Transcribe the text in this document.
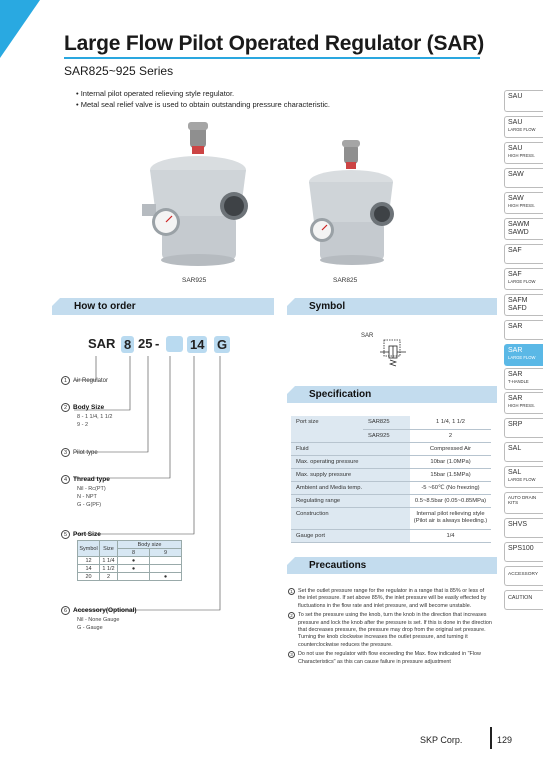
Large Flow Pilot Operated Regulator (SAR)
SAR825~925 Series
• Internal pilot operated relieving style regulator.
• Metal seal relief valve is used to obtain outstanding pressure characteristic.
SAR925	SAR825
How to order	Symbol
Specification
Precautions
SAR
SAR 8 25 - 14 G
1 Air Regulator
2 Body Size
8 - 1 1/4, 1 1/2
9 - 2
3 Pilot type
4 Thread type
Nil - Rc(PT)
N - NPT
G - G(PF)
5 Port Size
Symbol	Size	Body size	
		8	9
12	1 1/4	●	
14	1 1/2	●	
20	2		●
6 Accessory(Optional)
Nil - None Gauge
G - Gauge
Port size	SAR825	1 1/4, 1 1/2
	SAR925	2
Fluid		Compressed Air
Max. operating pressure		10bar (1.0MPa)
Max. supply pressure		15bar (1.5MPa)
Ambient and Media temp.		-5 ~60℃ (No freezing)
Regulating range		0.5~8.5bar (0.05~0.85MPa)
Construction		Internal pilot relieving style
(Pilot air is always bleeding.)
Gauge port		1/4

1 Set the outlet pressure range for the regulator in a range that is 85% or less of the inlet pressure. If set above 85%, the inlet pressure will be easily effected by fluctuations in the flow rate and inlet pressure, and will become unstable.

2 To set the pressure using the knob, turn the knob in the direction that increases pressure and lock the knob after the pressure is set. If this is done in the direction that decreases pressure, the pressure may drop from the original set pressure. Turning the knob clockwise increases the outlet pressure, and turning it counterclockwise reduces the pressure.

3 Do not use the regulator with flow exceeding the Max. flow indicated in "Flow Characteristics" as this can cause failure in pressure adjustment

SAU
SAU
LARGE FLOW
SAU
HIGH PRESS.
SAW
SAW
HIGH PRESS.
SAWM
SAWD
SAF
SAF
LARGE FLOW
SAFM
SAFD
SAR
SAR
LARGE FLOW
SAR
T-HANDLE
SAR
HIGH PRESS.
SRP
SAL
SAL
LARGE FLOW
AUTO DRAIN
KITS
SHVS
SPS100
ACCESSORY
CAUTION
SKP Corp.	129
